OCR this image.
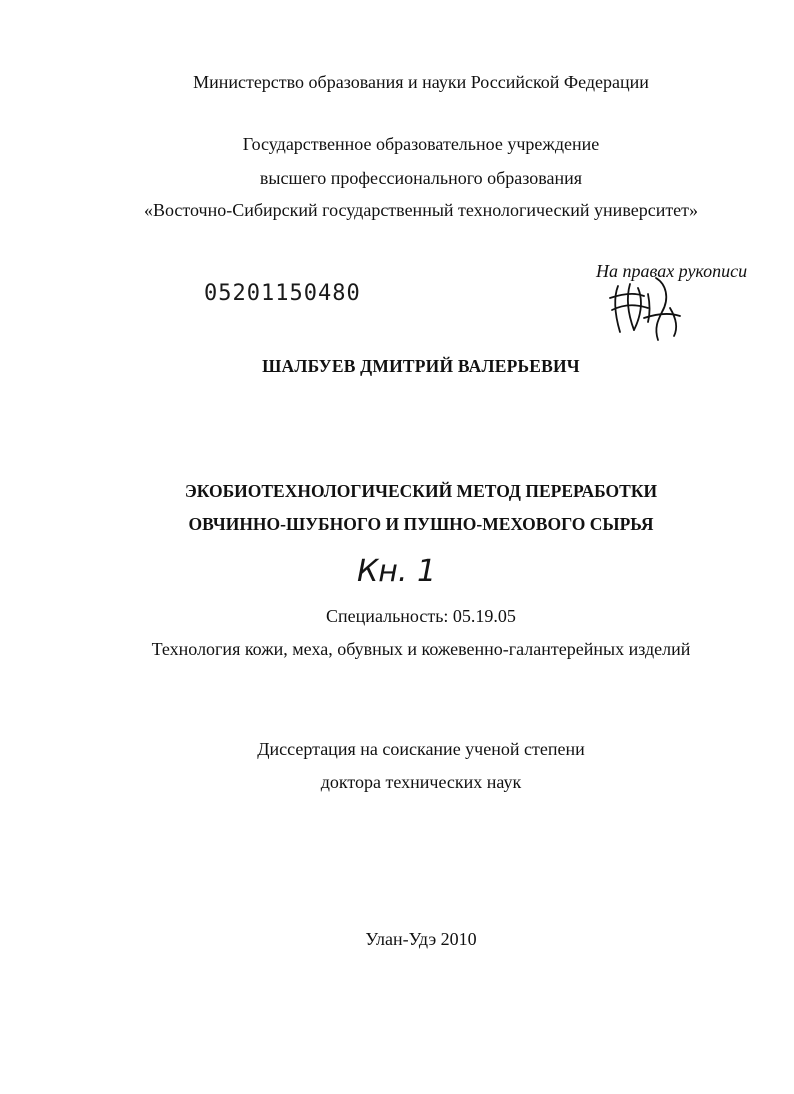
Министерство образования и науки Российской Федерации
Государственное образовательное учреждение
высшего профессионального образования
«Восточно-Сибирский государственный технологический университет»
На правах рукописи
05201150480
ШАЛБУЕВ ДМИТРИЙ ВАЛЕРЬЕВИЧ
ЭКОБИОТЕХНОЛОГИЧЕСКИЙ МЕТОД ПЕРЕРАБОТКИ
ОВЧИННО-ШУБНОГО И ПУШНО-МЕХОВОГО СЫРЬЯ
Кн. 1
Специальность: 05.19.05
Технология кожи, меха, обувных и кожевенно-галантерейных изделий
Диссертация на соискание ученой степени
доктора технических наук
Улан-Удэ 2010
